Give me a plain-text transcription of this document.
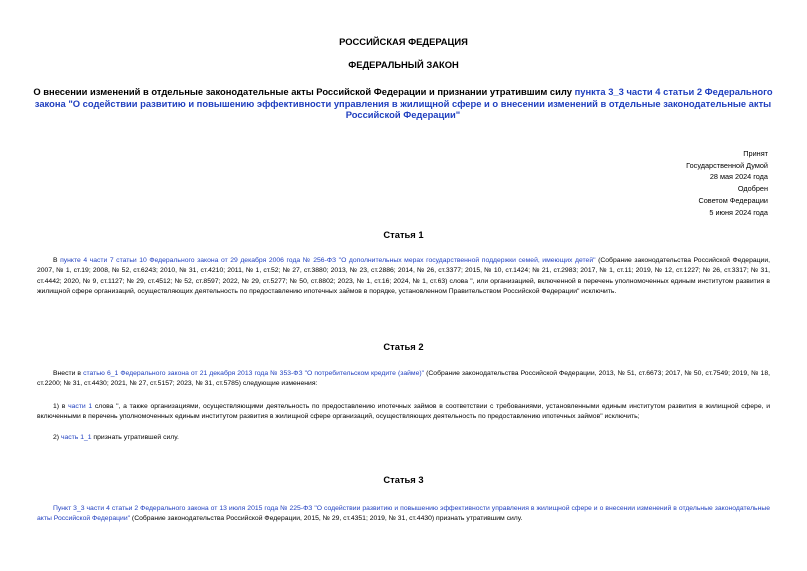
РОССИЙСКАЯ ФЕДЕРАЦИЯ
ФЕДЕРАЛЬНЫЙ ЗАКОН
О внесении изменений в отдельные законодательные акты Российской Федерации и признании утратившим силу пункта 3_3 части 4 статьи 2 Федерального закона "О содействии развитию и повышению эффективности управления в жилищной сфере и о внесении изменений в отдельные законодательные акты Российской Федерации"
Принят
Государственной Думой
28 мая 2024 года
Одобрен
Советом Федерации
5 июня 2024 года
Статья 1
В пункте 4 части 7 статьи 10 Федерального закона от 29 декабря 2006 года № 256-ФЗ "О дополнительных мерах государственной поддержки семей, имеющих детей" (Собрание законодательства Российской Федерации, 2007, № 1, ст.19; 2008, № 52, ст.6243; 2010, № 31, ст.4210; 2011, № 1, ст.52; № 27, ст.3880; 2013, № 23, ст.2886; 2014, № 26, ст.3377; 2015, № 10, ст.1424; № 21, ст.2983; 2017, № 1, ст.11; 2019, № 12, ст.1227; № 26, ст.3317; № 31, ст.4442; 2020, № 9, ст.1127; № 29, ст.4512; № 52, ст.8597; 2022, № 29, ст.5277; № 50, ст.8802; 2023, № 1, ст.16; 2024, № 1, ст.63) слова ", или организацией, включенной в перечень уполномоченных единым институтом развития в жилищной сфере организаций, осуществляющих деятельность по предоставлению ипотечных займов в порядке, установленном Правительством Российской Федерации" исключить.
Статья 2
Внести в статью 6_1 Федерального закона от 21 декабря 2013 года № 353-ФЗ "О потребительском кредите (займе)" (Собрание законодательства Российской Федерации, 2013, № 51, ст.6673; 2017, № 50, ст.7549; 2019, № 18, ст.2200; № 31, ст.4430; 2021, № 27, ст.5157; 2023, № 31, ст.5785) следующие изменения:
1) в части 1 слова ", а также организациями, осуществляющими деятельность по предоставлению ипотечных займов в соответствии с требованиями, установленными единым институтом развития в жилищной сфере, и включенными в перечень уполномоченных единым институтом развития в жилищной сфере организаций, осуществляющих деятельность по предоставлению ипотечных займов" исключить;
2) часть 1_1 признать утратившей силу.
Статья 3
Пункт 3_3 части 4 статьи 2 Федерального закона от 13 июля 2015 года № 225-ФЗ "О содействии развитию и повышению эффективности управления в жилищной сфере и о внесении изменений в отдельные законодательные акты Российской Федерации" (Собрание законодательства Российской Федерации, 2015, № 29, ст.4351; 2019, № 31, ст.4430) признать утратившим силу.
